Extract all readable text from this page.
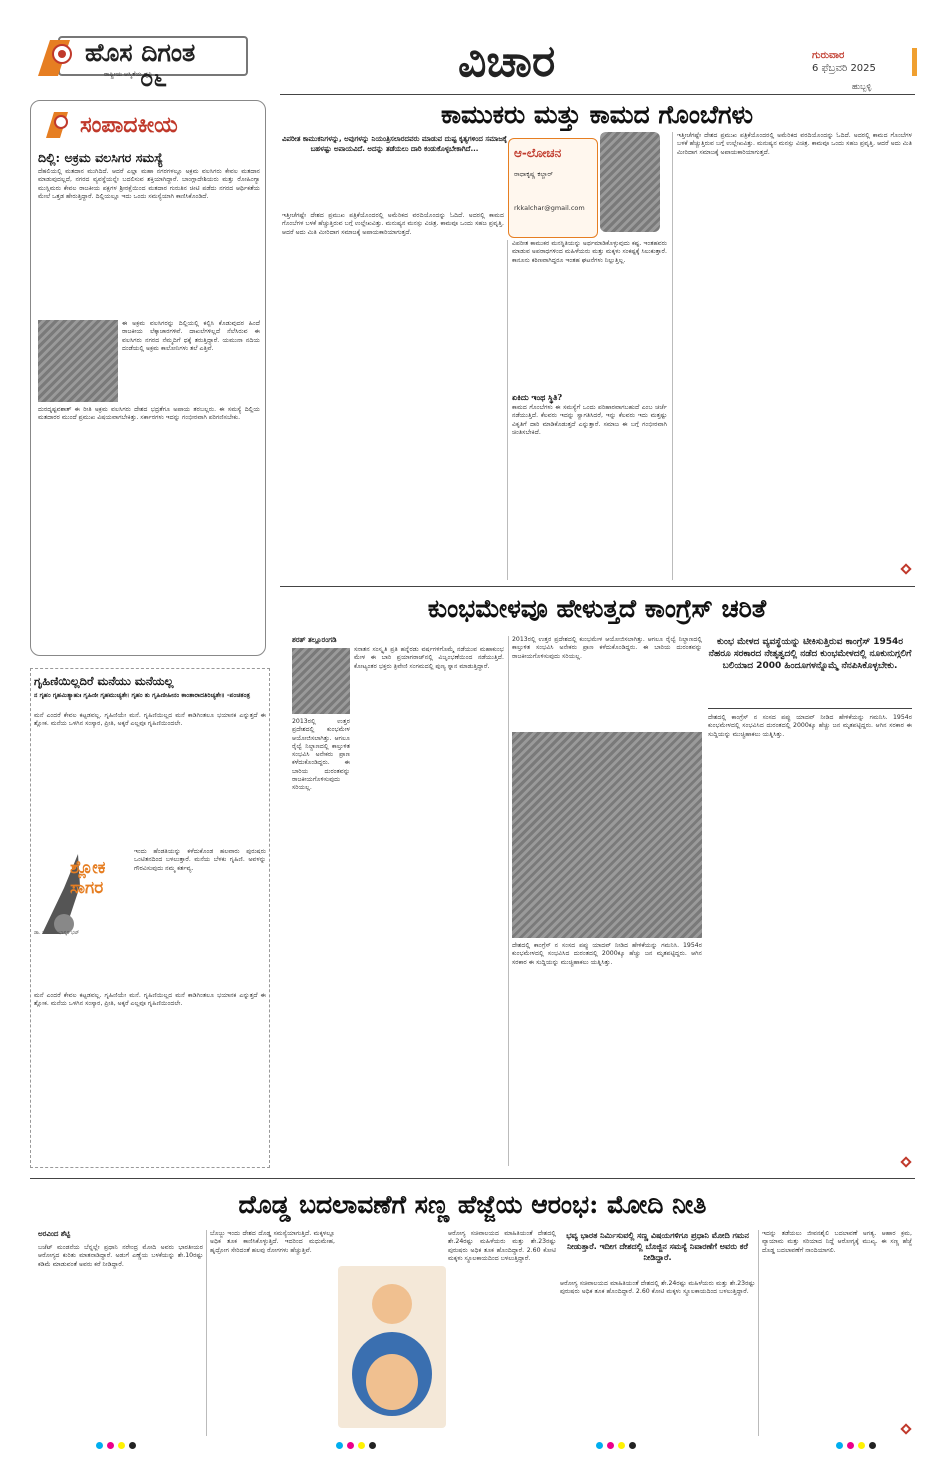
ಹೊಸ ದಿಗಂತ
ರಾಷ್ಟ್ರೀಯ ಆಸ್ಮಿತೆಯ ಧ್ವನಿ
೦೬	ವಿಚಾರ	ಗುರುವಾರ
6 ಫೆಬ್ರವರಿ 2025
ಹುಬ್ಬಳ್ಳಿ
ಸಂಪಾದಕೀಯ
ದಿಲ್ಲಿ: ಅಕ್ರಮ ವಲಸಿಗರ ಸಮಸ್ಯೆ
ದೆಹಲಿಯಲ್ಲಿ ಮತದಾನ ಮುಗಿದಿದೆ. ಆದರೆ ಎಲ್ಲಾ ಮಹಾ ನಗರಗಳಲ್ಲೂ ಅಕ್ರಮ ವಲಸಿಗರು ಕೇವಲ ಮತದಾನ ಮಾಡುವುದಲ್ಲದೆ, ನಗರದ ವ್ಯವಸ್ಥೆಯನ್ನೇ ಬದಲಿಸುವ ಶಕ್ತಿಯಾಗಿದ್ದಾರೆ. ಬಾಂಗ್ಲಾದೇಶಿಯರು ಮತ್ತು ರೋಹಿಂಗ್ಯಾ ಮುಸ್ಲಿಮರು ಕೇವಲ ರಾಜಕೀಯ ಪಕ್ಷಗಳ ಶ್ರೀರಕ್ಷೆಯಿಂದ ಮತದಾರ ಗುರುತಿನ ಚೀಟಿ ಪಡೆದು ನಗರದ ಆರ್ಥಿಕತೆಯ ಮೇಲೆ ಒತ್ತಡ ಹೇರುತ್ತಿದ್ದಾರೆ. ದಿಲ್ಲಿಯಲ್ಲೂ ಇದು ಒಂದು ಸಮಸ್ಯೆಯಾಗಿ ಕಾಣಿಸಿಕೊಂಡಿದೆ.
ಈ ಅಕ್ರಮ ವಲಸಿಗರನ್ನು ದಿಲ್ಲಿಯಲ್ಲಿ ಕಲ್ಪಿಸಿ ಕೊಡುವುದರ ಹಿಂದೆ ರಾಜಕೀಯ ಲೆಕ್ಕಾಚಾರಗಳಿವೆ. ದಾಖಲೆಗಳಿಲ್ಲದೆ ನೆಲೆಸಿರುವ ಈ ವಲಸಿಗರು ನಗರದ ನೆಮ್ಮದಿಗೆ ಧಕ್ಕೆ ತರುತ್ತಿದ್ದಾರೆ. ಯಮುನಾ ನದಿಯ ದಂಡೆಯಲ್ಲಿ ಅಕ್ರಮ ಕಾಲೋನಿಗಳು ತಲೆ ಎತ್ತಿವೆ.
ದುರದೃಷ್ಟವಶಾತ್ ಈ ರೀತಿ ಅಕ್ರಮ ವಲಸಿಗರು ದೇಶದ ಭದ್ರತೆಗೂ ಅಪಾಯ ತರಬಲ್ಲರು. ಈ ಸಮಸ್ಯೆ ದಿಲ್ಲಿಯ ಮತದಾರರ ಮುಂದೆ ಪ್ರಮುಖ ವಿಷಯವಾಗಬೇಕಿತ್ತು. ಸರ್ಕಾರಗಳು ಇದನ್ನು ಗಂಭೀರವಾಗಿ ಪರಿಗಣಿಸಬೇಕು.
ಕಾಮುಕರು ಮತ್ತು ಕಾಮದ ಗೊಂಬೆಗಳು
ವಿಪರೀತ ಕಾಮುಕನಿಗಳನ್ನು, ಅವುಗಳನ್ನು ನಿಯಂತ್ರಿಸಲಾರದವರು ಮಾಡುವ ದುಷ್ಟ ಕೃತ್ಯಗಳಿಂದ ಸಮಾಜಕ್ಕೆ ಬಹಳಷ್ಟು ಅಪಾಯವಿದೆ. ಅದನ್ನು ತಡೆಯಲು ದಾರಿ ಕಂಡುಕೊಳ್ಳಬೇಕಾಗಿದೆ...	ಆ-ಲೋಚನ
ರಾಧಾಕೃಷ್ಣ ಕಲ್ಚಾರ್
rkkalchar@gmail.com
ಇತ್ತೀಚೆಗಷ್ಟೇ ದೇಶದ ಪ್ರಮುಖ ಪತ್ರಿಕೆಯೊಂದರಲ್ಲಿ ಅಮೆರಿಕದ ವರದಿಯೊಂದನ್ನು ಓದಿದೆ. ಅದರಲ್ಲಿ ಕಾಮದ ಗೊಂಬೆಗಳ ಬಳಕೆ ಹೆಚ್ಚುತ್ತಿರುವ ಬಗ್ಗೆ ಉಲ್ಲೇಖವಿತ್ತು. ಮನುಷ್ಯನ ಮನಸ್ಸು ವಿಚಿತ್ರ. ಕಾಮವೂ ಒಂದು ಸಹಜ ಪ್ರವೃತ್ತಿ. ಆದರೆ ಅದು ಮಿತಿ ಮೀರಿದಾಗ ಸಮಾಜಕ್ಕೆ ಅಪಾಯಕಾರಿಯಾಗುತ್ತದೆ.
ವಿಪರೀತ ಕಾಮುಕರ ಮನಸ್ಥಿತಿಯನ್ನು ಅರ್ಥಮಾಡಿಕೊಳ್ಳುವುದು ಕಷ್ಟ. ಇಂತಹವರು ಮಾಡುವ ಅಪರಾಧಗಳಿಂದ ಮಹಿಳೆಯರು ಮತ್ತು ಮಕ್ಕಳು ಸಂಕಷ್ಟಕ್ಕೆ ಸಿಲುಕುತ್ತಾರೆ. ಕಾನೂನು ಕಠಿಣವಾಗಿದ್ದರೂ ಇಂತಹ ಘಟನೆಗಳು ನಿಲ್ಲುತ್ತಿಲ್ಲ.
ಏಕಿದು ಇಂಥ ಸ್ಥಿತಿ?
ಕಾಮದ ಗೊಂಬೆಗಳು ಈ ಸಮಸ್ಯೆಗೆ ಒಂದು ಪರಿಹಾರವಾಗಬಹುದೆ ಎಂಬ ಚರ್ಚೆ ನಡೆಯುತ್ತಿದೆ. ಕೆಲವರು ಇದನ್ನು ಸ್ವಾಗತಿಸಿದರೆ, ಇನ್ನು ಕೆಲವರು ಇದು ಮತ್ತಷ್ಟು ವಿಕೃತಿಗೆ ದಾರಿ ಮಾಡಿಕೊಡುತ್ತದೆ ಎನ್ನುತ್ತಾರೆ. ಸಮಾಜ ಈ ಬಗ್ಗೆ ಗಂಭೀರವಾಗಿ ಚಿಂತಿಸಬೇಕಿದೆ.
ಇತ್ತೀಚೆಗಷ್ಟೇ ದೇಶದ ಪ್ರಮುಖ ಪತ್ರಿಕೆಯೊಂದರಲ್ಲಿ ಅಮೆರಿಕದ ವರದಿಯೊಂದನ್ನು ಓದಿದೆ. ಅದರಲ್ಲಿ ಕಾಮದ ಗೊಂಬೆಗಳ ಬಳಕೆ ಹೆಚ್ಚುತ್ತಿರುವ ಬಗ್ಗೆ ಉಲ್ಲೇಖವಿತ್ತು. ಮನುಷ್ಯನ ಮನಸ್ಸು ವಿಚಿತ್ರ. ಕಾಮವೂ ಒಂದು ಸಹಜ ಪ್ರವೃತ್ತಿ. ಆದರೆ ಅದು ಮಿತಿ ಮೀರಿದಾಗ ಸಮಾಜಕ್ಕೆ ಅಪಾಯಕಾರಿಯಾಗುತ್ತದೆ.
ಕುಂಭಮೇಳವೂ ಹೇಳುತ್ತದೆ ಕಾಂಗ್ರೆಸ್ ಚರಿತೆ
ಶರತ್ ತಲ್ಲೂರಂಗಡಿ
ಸನಾತನ ಸಂಸ್ಕೃತಿ ಪ್ರತಿ ಹನ್ನೆರಡು ವರ್ಷಗಳಿಗೊಮ್ಮೆ ನಡೆಯುವ ಮಹಾಕುಂಭ ಮೇಳ ಈ ಬಾರಿ ಪ್ರಯಾಗರಾಜ್‌ನಲ್ಲಿ ವಿಜೃಂಭಣೆಯಿಂದ ನಡೆಯುತ್ತಿದೆ. ಕೋಟ್ಯಂತರ ಭಕ್ತರು ತ್ರಿವೇಣಿ ಸಂಗಮದಲ್ಲಿ ಪುಣ್ಯ ಸ್ನಾನ ಮಾಡುತ್ತಿದ್ದಾರೆ.
2013ರಲ್ಲಿ ಉತ್ತರ ಪ್ರದೇಶದಲ್ಲಿ ಕುಂಭಮೇಳ ಆಯೋಜಿಸಲಾಗಿತ್ತು. ಆಗಲೂ ರೈಲ್ವೆ ನಿಲ್ದಾಣದಲ್ಲಿ ಕಾಲ್ತುಳಿತ ಸಂಭವಿಸಿ ಅನೇಕರು ಪ್ರಾಣ ಕಳೆದುಕೊಂಡಿದ್ದರು. ಈ ಬಾರಿಯ ದುರಂತವನ್ನು ರಾಜಕೀಯಗೊಳಿಸುವುದು ಸರಿಯಲ್ಲ.
2013ರಲ್ಲಿ ಉತ್ತರ ಪ್ರದೇಶದಲ್ಲಿ ಕುಂಭಮೇಳ ಆಯೋಜಿಸಲಾಗಿತ್ತು. ಆಗಲೂ ರೈಲ್ವೆ ನಿಲ್ದಾಣದಲ್ಲಿ ಕಾಲ್ತುಳಿತ ಸಂಭವಿಸಿ ಅನೇಕರು ಪ್ರಾಣ ಕಳೆದುಕೊಂಡಿದ್ದರು. ಈ ಬಾರಿಯ ದುರಂತವನ್ನು ರಾಜಕೀಯಗೊಳಿಸುವುದು ಸರಿಯಲ್ಲ.
ದೇಶದಲ್ಲಿ ಕಾಂಗ್ರೆಸ್ ನ ಸಂಸದ ಪಪ್ಪು ಯಾದವ್ ನೀಡಿದ ಹೇಳಿಕೆಯನ್ನು ಗಮನಿಸಿ. 1954ರ ಕುಂಭಮೇಳದಲ್ಲಿ ಸಂಭವಿಸಿದ ದುರಂತದಲ್ಲಿ 2000ಕ್ಕೂ ಹೆಚ್ಚು ಜನ ಮೃತಪಟ್ಟಿದ್ದರು. ಆಗಿನ ಸರಕಾರ ಈ ಸುದ್ದಿಯನ್ನು ಮುಚ್ಚಿಹಾಕಲು ಯತ್ನಿಸಿತ್ತು.
ಕುಂಭ ಮೇಳದ ವ್ಯವಸ್ಥೆಯನ್ನು ಟೀಕಿಸುತ್ತಿರುವ ಕಾಂಗ್ರೆಸ್ 1954ರ ನೆಹರೂ ಸರಕಾರದ ನೇತೃತ್ವದಲ್ಲಿ ನಡೆದ ಕುಂಭಮೇಳದಲ್ಲಿ ನೂಕುನುಗ್ಗಲಿಗೆ ಬಲಿಯಾದ 2000 ಹಿಂದೂಗಳನ್ನೊಮ್ಮೆ ನೆನಪಿಸಿಕೊಳ್ಳಬೇಕು.
ದೇಶದಲ್ಲಿ ಕಾಂಗ್ರೆಸ್ ನ ಸಂಸದ ಪಪ್ಪು ಯಾದವ್ ನೀಡಿದ ಹೇಳಿಕೆಯನ್ನು ಗಮನಿಸಿ. 1954ರ ಕುಂಭಮೇಳದಲ್ಲಿ ಸಂಭವಿಸಿದ ದುರಂತದಲ್ಲಿ 2000ಕ್ಕೂ ಹೆಚ್ಚು ಜನ ಮೃತಪಟ್ಟಿದ್ದರು. ಆಗಿನ ಸರಕಾರ ಈ ಸುದ್ದಿಯನ್ನು ಮುಚ್ಚಿಹಾಕಲು ಯತ್ನಿಸಿತ್ತು.
ಗೃಹಿಣಿಯಿಲ್ಲದಿರೆ ಮನೆಯು ಮನೆಯಲ್ಲ
ನ ಗೃಹಂ ಗೃಹಮಿತ್ಯಾಹುಃ ಗೃಹಿಣೀ ಗೃಹಮುಚ್ಯತೇ। ಗೃಹಂ ತು ಗೃಹಿಣೀಹೀನಂ ಕಾಂತಾರಾದತಿರಿಚ್ಯತೇ॥ -ಪಂಚತಂತ್ರ
ಮನೆ ಎಂದರೆ ಕೇವಲ ಕಟ್ಟಡವಲ್ಲ. ಗೃಹಿಣಿಯೇ ಮನೆ. ಗೃಹಿಣಿಯಿಲ್ಲದ ಮನೆ ಕಾಡಿಗಿಂತಲೂ ಭಯಾನಕ ಎನ್ನುತ್ತದೆ ಈ ಶ್ಲೋಕ. ಮನೆಯ ಒಳಗಿನ ಸಂಸ್ಕಾರ, ಪ್ರೀತಿ, ಅಕ್ಕರೆ ಎಲ್ಲವೂ ಗೃಹಿಣಿಯಿಂದಲೇ.
ಶ್ಲೋಕ ಸಾಗರ
ಡಾ. ಸೋಂದಾ ಭಾಸ್ಕರ ಭಟ್
ಇಂದು ಹೆಂಡತಿಯನ್ನು ಕಳೆದುಕೊಂಡ ಹಲವಾರು ಪುರುಷರು ಒಂಟಿತನದಿಂದ ಬಳಲುತ್ತಾರೆ. ಮನೆಯ ಬೆಳಕು ಗೃಹಿಣಿ. ಅವಳನ್ನು ಗೌರವಿಸುವುದು ನಮ್ಮ ಕರ್ತವ್ಯ.
ಮನೆ ಎಂದರೆ ಕೇವಲ ಕಟ್ಟಡವಲ್ಲ. ಗೃಹಿಣಿಯೇ ಮನೆ. ಗೃಹಿಣಿಯಿಲ್ಲದ ಮನೆ ಕಾಡಿಗಿಂತಲೂ ಭಯಾನಕ ಎನ್ನುತ್ತದೆ ಈ ಶ್ಲೋಕ. ಮನೆಯ ಒಳಗಿನ ಸಂಸ್ಕಾರ, ಪ್ರೀತಿ, ಅಕ್ಕರೆ ಎಲ್ಲವೂ ಗೃಹಿಣಿಯಿಂದಲೇ.
ದೊಡ್ಡ ಬದಲಾವಣೆಗೆ ಸಣ್ಣ ಹೆಜ್ಜೆಯ ಆರಂಭ: ಮೋದಿ ನೀತಿ
ಅರವಿಂದ ಶೆಟ್ಟಿ
ಬಜೆಟ್ ಮಂಡನೆಯ ಬೆನ್ನಲ್ಲೇ ಪ್ರಧಾನಿ ನರೇಂದ್ರ ಮೋದಿ ಅವರು ಭಾರತೀಯರ ಆರೋಗ್ಯದ ಕುರಿತು ಮಾತನಾಡಿದ್ದಾರೆ. ಅಡುಗೆ ಎಣ್ಣೆಯ ಬಳಕೆಯನ್ನು ಶೇ.10ರಷ್ಟು ಕಡಿಮೆ ಮಾಡುವಂತೆ ಅವರು ಕರೆ ನೀಡಿದ್ದಾರೆ.
ಬೊಜ್ಜು ಇಂದು ದೇಶದ ದೊಡ್ಡ ಸಮಸ್ಯೆಯಾಗುತ್ತಿದೆ. ಮಕ್ಕಳಲ್ಲೂ ಅಧಿಕ ತೂಕ ಕಾಣಿಸಿಕೊಳ್ಳುತ್ತಿದೆ. ಇದರಿಂದ ಮಧುಮೇಹ, ಹೃದ್ರೋಗ ಸೇರಿದಂತೆ ಹಲವು ರೋಗಗಳು ಹೆಚ್ಚುತ್ತಿವೆ.
ಆರೋಗ್ಯ ಸಚಿವಾಲಯದ ಮಾಹಿತಿಯಂತೆ ದೇಶದಲ್ಲಿ ಶೇ.24ರಷ್ಟು ಮಹಿಳೆಯರು ಮತ್ತು ಶೇ.23ರಷ್ಟು ಪುರುಷರು ಅಧಿಕ ತೂಕ ಹೊಂದಿದ್ದಾರೆ. 2.60 ಕೋಟಿ ಮಕ್ಕಳು ಸ್ಥೂಲಕಾಯದಿಂದ ಬಳಲುತ್ತಿದ್ದಾರೆ.
ಭವ್ಯ ಭಾರತ ನಿರ್ಮಿಸುವಲ್ಲಿ ಸಣ್ಣ ವಿಷಯಗಳಿಗೂ ಪ್ರಧಾನಿ ಮೋದಿ ಗಮನ ನೀಡುತ್ತಾರೆ. ಇದೀಗ ದೇಶದಲ್ಲಿ ಬೊಜ್ಜಿನ ಸಮಸ್ಯೆ ನಿವಾರಣೆಗೆ ಅವರು ಕರೆ ನೀಡಿದ್ದಾರೆ.
ಆರೋಗ್ಯ ಸಚಿವಾಲಯದ ಮಾಹಿತಿಯಂತೆ ದೇಶದಲ್ಲಿ ಶೇ.24ರಷ್ಟು ಮಹಿಳೆಯರು ಮತ್ತು ಶೇ.23ರಷ್ಟು ಪುರುಷರು ಅಧಿಕ ತೂಕ ಹೊಂದಿದ್ದಾರೆ. 2.60 ಕೋಟಿ ಮಕ್ಕಳು ಸ್ಥೂಲಕಾಯದಿಂದ ಬಳಲುತ್ತಿದ್ದಾರೆ.
ಇದನ್ನು ತಡೆಯಲು ಜೀವನಶೈಲಿ ಬದಲಾವಣೆ ಅಗತ್ಯ. ಆಹಾರ ಕ್ರಮ, ವ್ಯಾಯಾಮ ಮತ್ತು ಸರಿಯಾದ ನಿದ್ದೆ ಆರೋಗ್ಯಕ್ಕೆ ಮುಖ್ಯ. ಈ ಸಣ್ಣ ಹೆಜ್ಜೆ ದೊಡ್ಡ ಬದಲಾವಣೆಗೆ ನಾಂದಿಯಾಗಲಿ.
